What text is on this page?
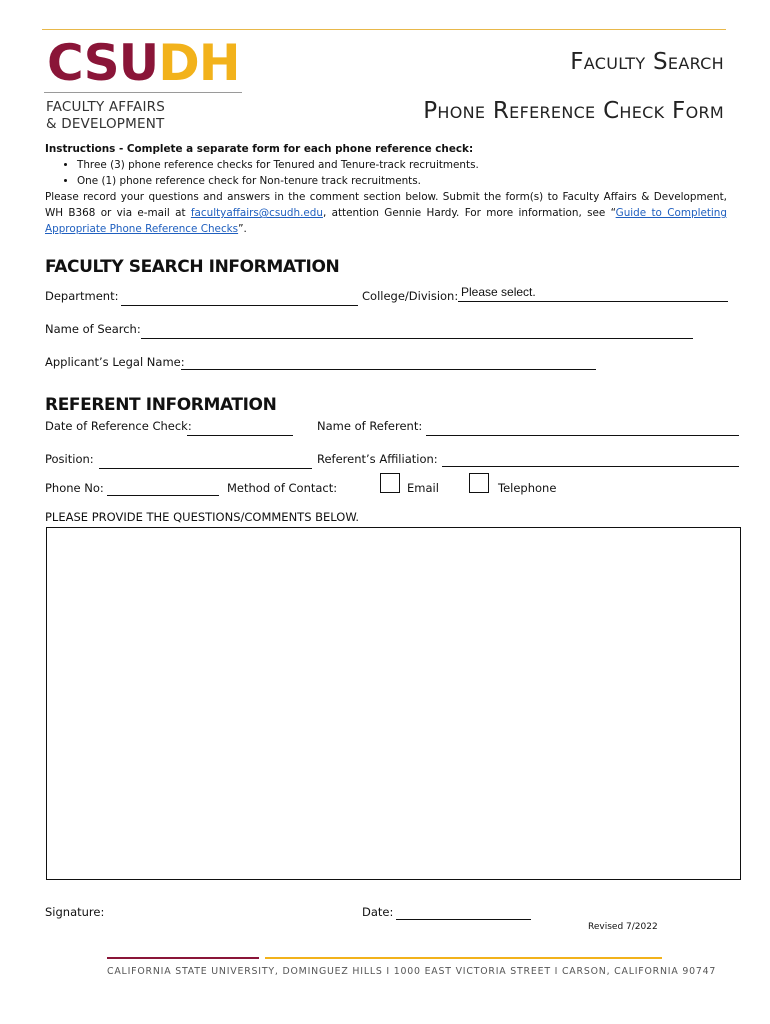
CSUDH
FACULTY AFFAIRS
& DEVELOPMENT
Faculty Search
Phone Reference Check Form
Instructions - Complete a separate form for each phone reference check:
• Three (3) phone reference checks for Tenured and Tenure-track recruitments.
• One (1) phone reference check for Non-tenure track recruitments.

Please record your questions and answers in the comment section below. Submit the form(s) to Faculty Affairs & Development, WH B368 or via e-mail at facultyaffairs@csudh.edu, attention Gennie Hardy. For more information, see “Guide to Completing Appropriate Phone Reference Checks”.

FACULTY SEARCH INFORMATION
Department:	College/Division: Please select.
Name of Search:
Applicant’s Legal Name:
REFERENT INFORMATION
Date of Reference Check:	Name of Referent:
Position:	Referent’s Affiliation:
Phone No:	Method of Contact:	Email	Telephone
PLEASE PROVIDE THE QUESTIONS/COMMENTS BELOW.
Signature:	Date:
Revised 7/2022
CALIFORNIA STATE UNIVERSITY, DOMINGUEZ HILLS I 1000 EAST VICTORIA STREET I CARSON, CALIFORNIA 90747
